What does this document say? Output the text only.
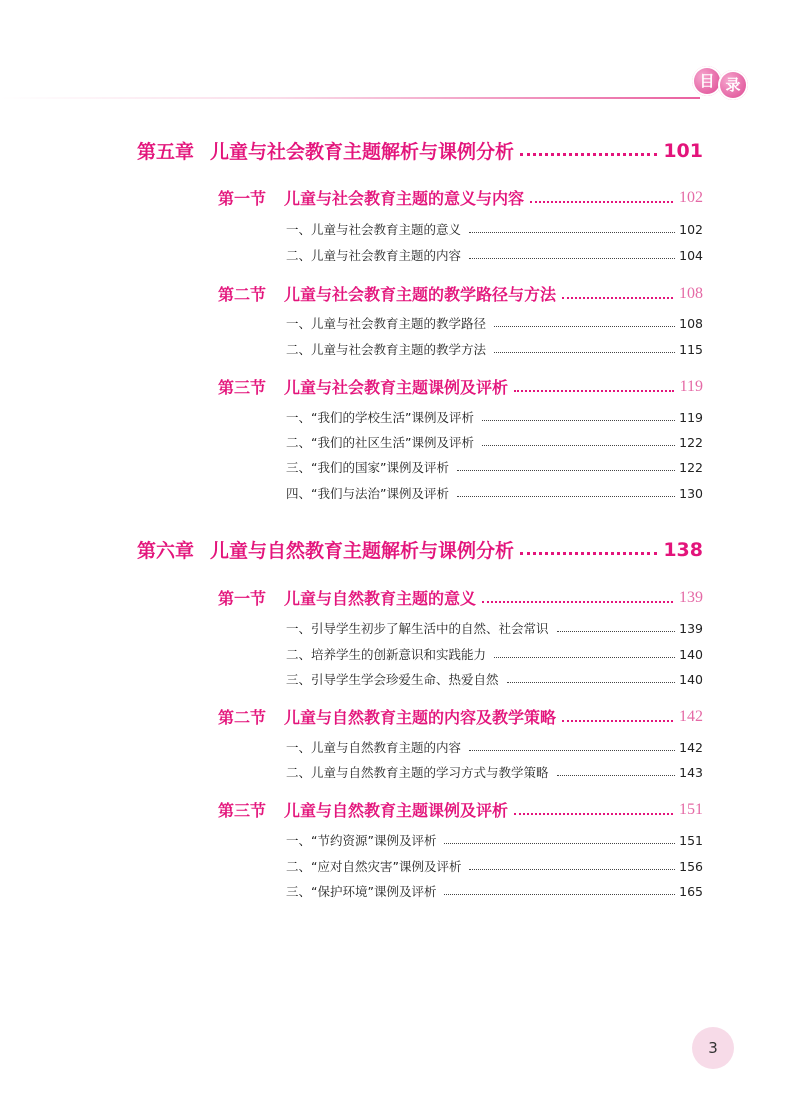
目 录
第五章 儿童与社会教育主题解析与课例分析	101
第一节 儿童与社会教育主题的意义与内容	102
一、儿童与社会教育主题的意义	102
二、儿童与社会教育主题的内容	104
第二节 儿童与社会教育主题的教学路径与方法	108
一、儿童与社会教育主题的教学路径	108
二、儿童与社会教育主题的教学方法	115
第三节 儿童与社会教育主题课例及评析	119
一、“我们的学校生活”课例及评析	119
二、“我们的社区生活”课例及评析	122
三、“我们的国家”课例及评析	122
四、“我们与法治”课例及评析	130
第六章 儿童与自然教育主题解析与课例分析	138
第一节 儿童与自然教育主题的意义	139
一、引导学生初步了解生活中的自然、社会常识	139
二、培养学生的创新意识和实践能力	140
三、引导学生学会珍爱生命、热爱自然	140
第二节 儿童与自然教育主题的内容及教学策略	142
一、儿童与自然教育主题的内容	142
二、儿童与自然教育主题的学习方式与教学策略	143
第三节 儿童与自然教育主题课例及评析	151
一、“节约资源”课例及评析	151
二、“应对自然灾害”课例及评析	156
三、“保护环境”课例及评析	165
3
